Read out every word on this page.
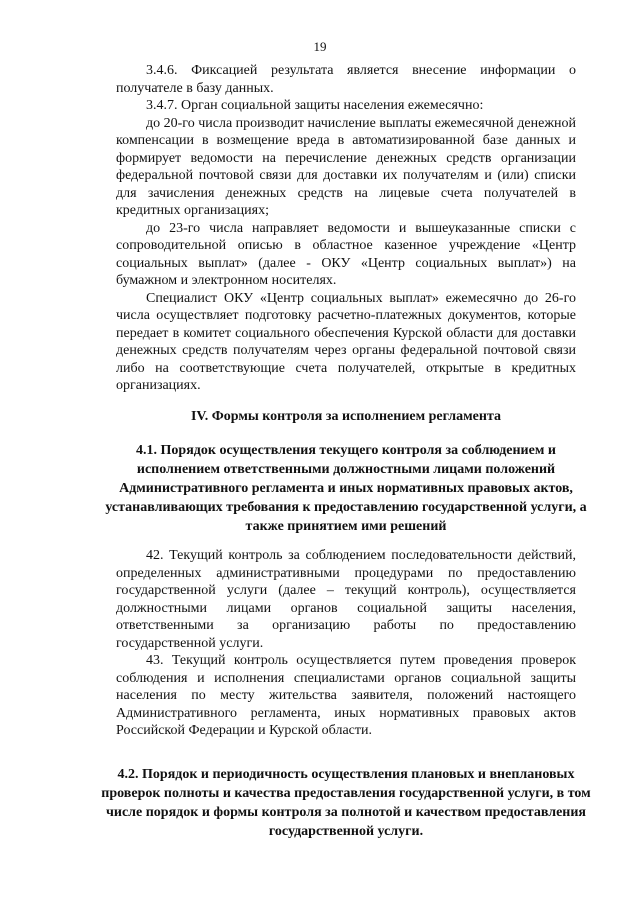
19

3.4.6. Фиксацией результата является внесение информации о получателе в базу данных.

3.4.7. Орган социальной защиты населения ежемесячно:

до 20-го числа производит начисление выплаты ежемесячной денежной компенсации в возмещение вреда в автоматизированной базе данных и формирует ведомости на перечисление денежных средств организации федеральной почтовой связи для доставки их получателям и (или) списки для зачисления денежных средств на лицевые счета получателей в кредитных организациях;

до 23-го числа направляет ведомости и вышеуказанные списки с сопроводительной описью в областное казенное учреждение «Центр социальных выплат» (далее - ОКУ «Центр социальных выплат») на бумажном и электронном носителях.

Специалист ОКУ «Центр социальных выплат» ежемесячно до 26-го числа осуществляет подготовку расчетно-платежных документов, которые передает в комитет социального обеспечения Курской области для доставки денежных средств получателям через органы федеральной почтовой связи либо на соответствующие счета получателей, открытые в кредитных организациях.

IV. Формы контроля за исполнением регламента
4.1. Порядок осуществления текущего контроля за соблюдением и исполнением ответственными должностными лицами положений Административного регламента и иных нормативных правовых актов, устанавливающих требования к предоставлению государственной услуги, а также принятием ими решений

42. Текущий контроль за соблюдением последовательности действий, определенных административными процедурами по предоставлению государственной услуги (далее – текущий контроль), осуществляется должностными лицами органов социальной защиты населения, ответственными за организацию работы по предоставлению государственной услуги.

43. Текущий контроль осуществляется путем проведения проверок соблюдения и исполнения специалистами органов социальной защиты населения по месту жительства заявителя, положений настоящего Административного регламента, иных нормативных правовых актов Российской Федерации и Курской области.

4.2. Порядок и периодичность осуществления плановых и внеплановых проверок полноты и качества предоставления государственной услуги, в том числе порядок и формы контроля за полнотой и качеством предоставления государственной услуги.
